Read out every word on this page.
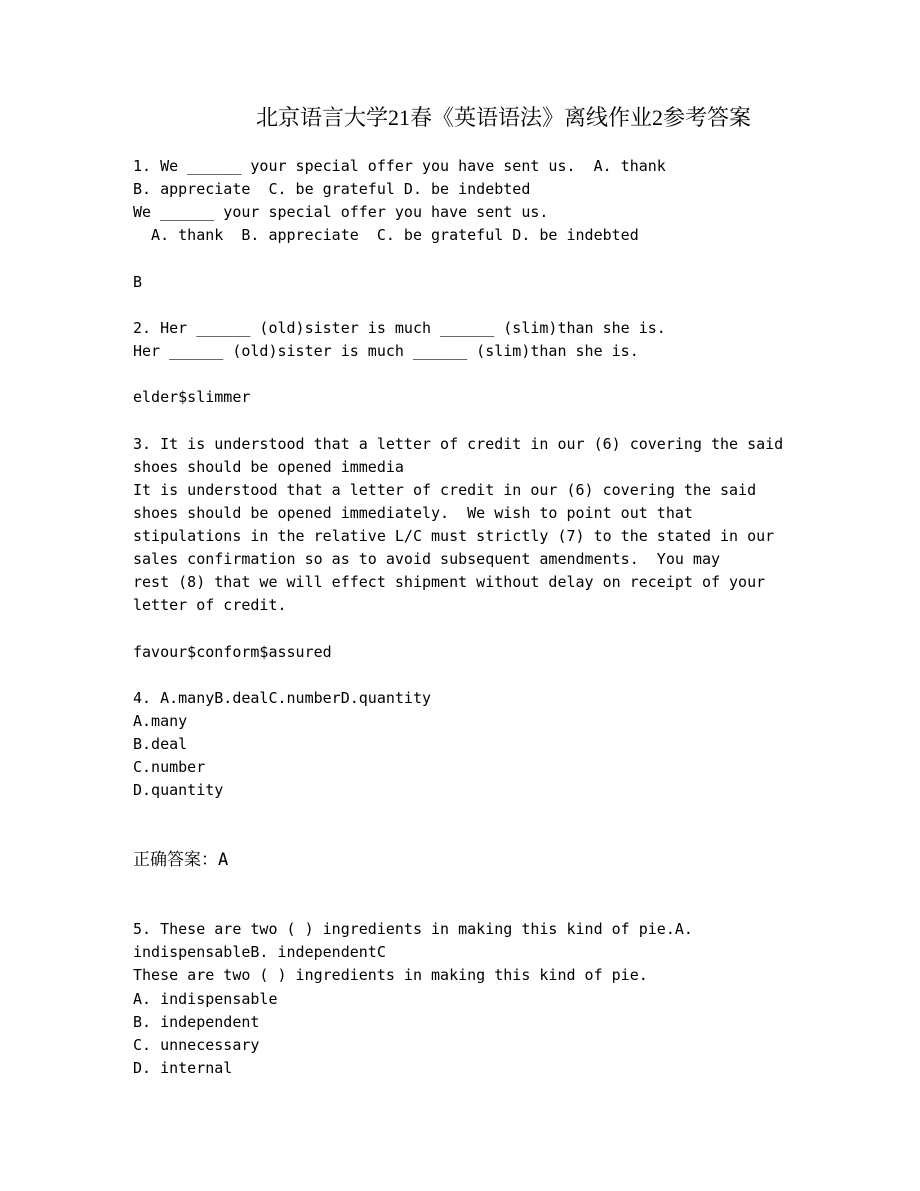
北京语言大学21春《英语语法》离线作业2参考答案
1. We ______ your special offer you have sent us.  A. thank
B. appreciate  C. be grateful D. be indebted
We ______ your special offer you have sent us.
A. thank  B. appreciate  C. be grateful D. be indebted
B
2. Her ______ (old)sister is much ______ (slim)than she is.
Her ______ (old)sister is much ______ (slim)than she is.
elder$slimmer
3. It is understood that a letter of credit in our (6) covering the said
shoes should be opened immedia
It is understood that a letter of credit in our (6) covering the said
shoes should be opened immediately.  We wish to point out that
stipulations in the relative L/C must strictly (7) to the stated in our
sales confirmation so as to avoid subsequent amendments.  You may
rest (8) that we will effect shipment without delay on receipt of your
letter of credit.
favour$conform$assured
4. A.manyB.dealC.numberD.quantity
A.many
B.deal
C.number
D.quantity
正确答案：A
5. These are two ( ) ingredients in making this kind of pie.A.
indispensableB. independentC
These are two ( ) ingredients in making this kind of pie.
A. indispensable
B. independent
C. unnecessary
D. internal
